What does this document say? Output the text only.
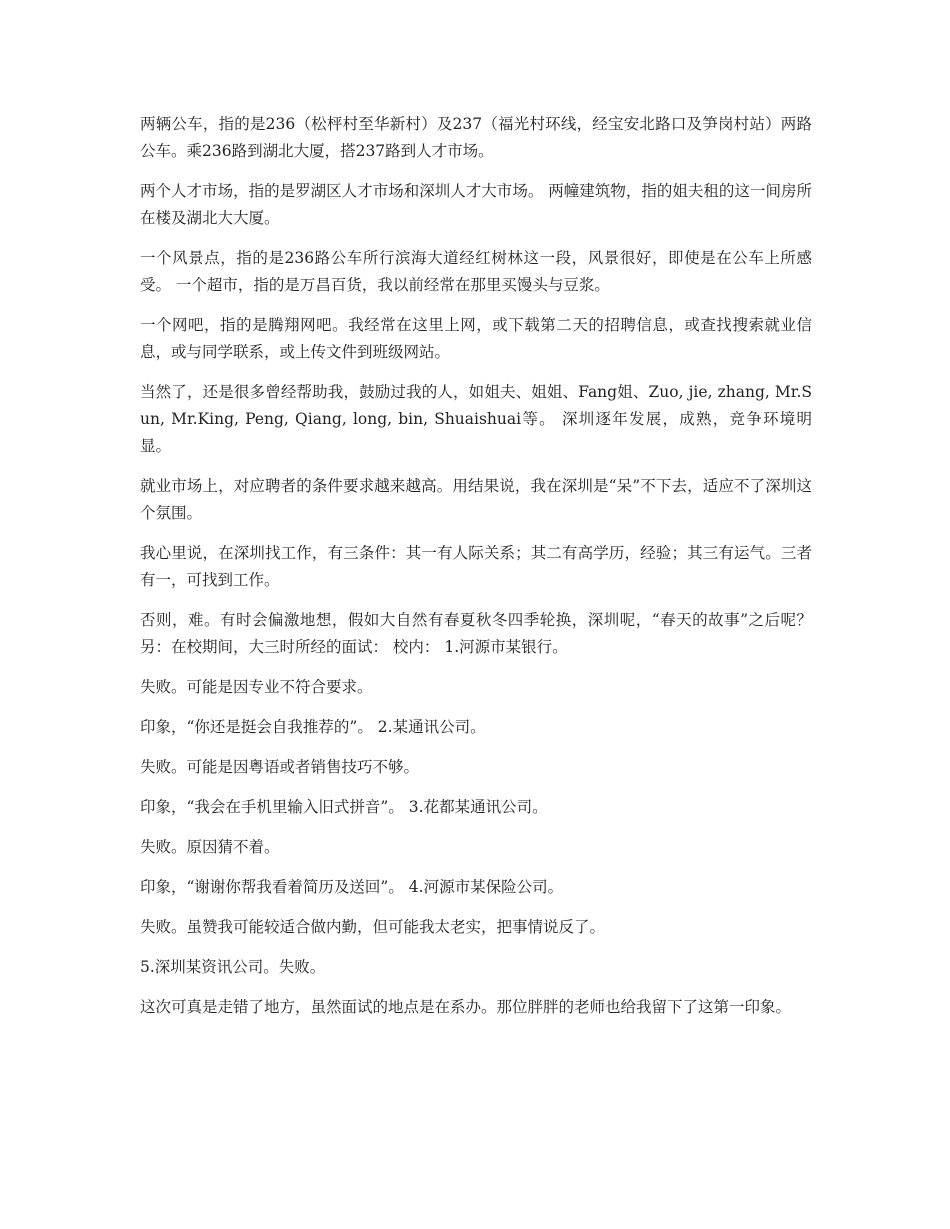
两辆公车，指的是236（松枰村至华新村）及237（福光村环线，经宝安北路口及笋岗村站）两路公车。乘236路到湖北大厦，搭237路到人才市场。

两个人才市场，指的是罗湖区人才市场和深圳人才大市场。 两幢建筑物，指的姐夫租的这一间房所在楼及湖北大大厦。

一个风景点，指的是236路公车所行滨海大道经红树林这一段，风景很好，即使是在公车上所感受。 一个超市，指的是万昌百货，我以前经常在那里买馒头与豆浆。

一个网吧，指的是腾翔网吧。我经常在这里上网，或下载第二天的招聘信息，或查找搜索就业信息，或与同学联系，或上传文件到班级网站。

当然了，还是很多曾经帮助我，鼓励过我的人，如姐夫、姐姐、Fang姐、Zuo, jie, zhang, Mr.Sun, Mr.King, Peng, Qiang, long, bin, Shuaishuai等。 深圳逐年发展，成熟，竞争环境明显。

就业市场上，对应聘者的条件要求越来越高。用结果说，我在深圳是“呆”不下去，适应不了深圳这个氛围。

我心里说，在深圳找工作，有三条件：其一有人际关系；其二有高学历，经验；其三有运气。三者有一，可找到工作。

否则，难。有时会偏激地想，假如大自然有春夏秋冬四季轮换，深圳呢，“春天的故事”之后呢？ 另：在校期间，大三时所经的面试： 校内： 1.河源市某银行。

失败。可能是因专业不符合要求。

印象，“你还是挺会自我推荐的”。 2.某通讯公司。

失败。可能是因粤语或者销售技巧不够。

印象，“我会在手机里输入旧式拼音”。 3.花都某通讯公司。

失败。原因猜不着。

印象，“谢谢你帮我看着简历及送回”。 4.河源市某保险公司。

失败。虽赞我可能较适合做内勤，但可能我太老实，把事情说反了。

5.深圳某资讯公司。失败。

这次可真是走错了地方，虽然面试的地点是在系办。那位胖胖的老师也给我留下了这第一印象。
